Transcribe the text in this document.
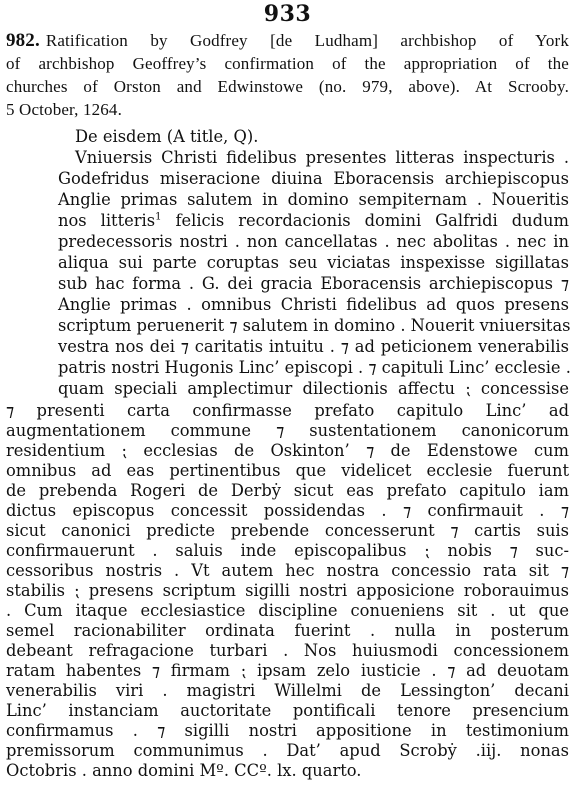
933
982. Ratification by Godfrey [de Ludham] archbishop of York
of archbishop Geoffrey’s confirmation of the appropriation of the
churches of Orston and Edwinstowe (no. 979, above). At Scrooby.
5 October, 1264.
De eisdem (A title, Q).
Vniuersis Christi fidelibus presentes litteras inspecturis .
Godefridus miseracione diuina Eboracensis archiepiscopus
Anglie primas salutem in domino sempiternam . Noueritis
nos litteris$^1$ felicis recordacionis domini Galfridi dudum
predecessoris nostri . non cancellatas . nec abolitas . nec in
aliqua sui parte coruptas seu viciatas inspexisse sigillatas
sub hac forma . G. dei gracia Eboracensis archiepiscopus ⁊
Anglie primas . omnibus Christi fidelibus ad quos presens
scriptum peruenerit ⁊ salutem in domino . Nouerit vniuersitas
vestra nos dei ⁊ caritatis intuitu . ⁊ ad peticionem venerabilis
patris nostri Hugonis Linc’ episcopi . ⁊ capituli Linc’ ecclesie .
quam speciali amplectimur dilectionis affectu ⁏ concessise
⁊ presenti carta confirmasse prefato capitulo Linc’ ad
augmentationem commune ⁊ sustentationem canonicorum
residentium ⁏ ecclesias de Oskinton’ ⁊ de Edenstowe cum
omnibus ad eas pertinentibus que videlicet ecclesie fuerunt
de prebenda Rogeri de Derbẏ sicut eas prefato capitulo iam
dictus episcopus concessit possidendas . ⁊ confirmauit . ⁊
sicut canonici predicte prebende concesserunt ⁊ cartis suis
confirmauerunt . saluis inde episcopalibus ⁏ nobis ⁊ suc-
cessoribus nostris . Vt autem hec nostra concessio rata sit ⁊
stabilis ⁏ presens scriptum sigilli nostri apposicione roborauimus
. Cum itaque ecclesiastice discipline conueniens sit . ut que
semel racionabiliter ordinata fuerint . nulla in posterum
debeant refragacione turbari . Nos huiusmodi concessionem
ratam habentes ⁊ firmam ⁏ ipsam zelo iusticie . ⁊ ad deuotam
venerabilis viri . magistri Willelmi de Lessington’ decani
Linc’ instanciam auctoritate pontificali tenore presencium
confirmamus . ⁊ sigilli nostri appositione in testimonium
premissorum communimus . Dat’ apud Scrobẏ .iij. nonas
Octobris . anno domini Mº. CCº. lx. quarto.
